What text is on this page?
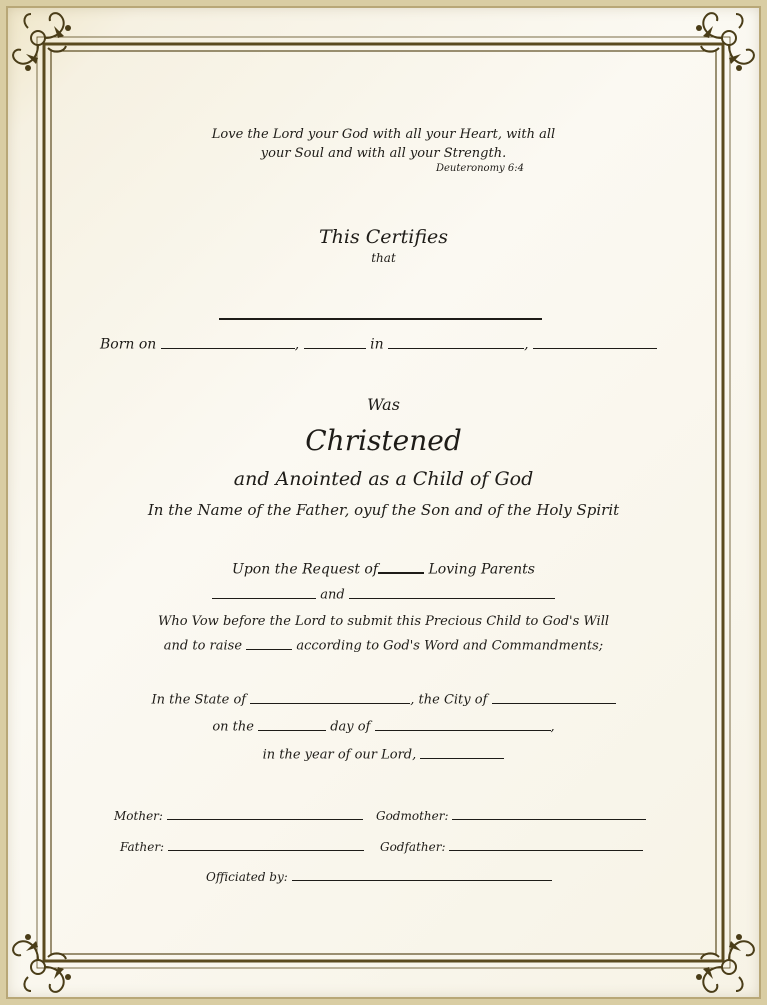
Love the Lord your God with all your Heart, with all
your Soul and with all your Strength.
Deuteronomy 6:4
This Certifies
that
Born on	,	in	,
Was
Christened
and Anointed as a Child of God
In the Name of the Father, oyuf the Son and of the Holy Spirit
Upon the Request of	Loving Parents
and
Who Vow before the Lord to submit this Precious Child to God's Will
and to raise	according to God's Word and Commandments;
In the State of	, the City of
on the	day of	,
in the year of our Lord,
Mother:	Godmother:
Father:	Godfather:
Officiated by:
